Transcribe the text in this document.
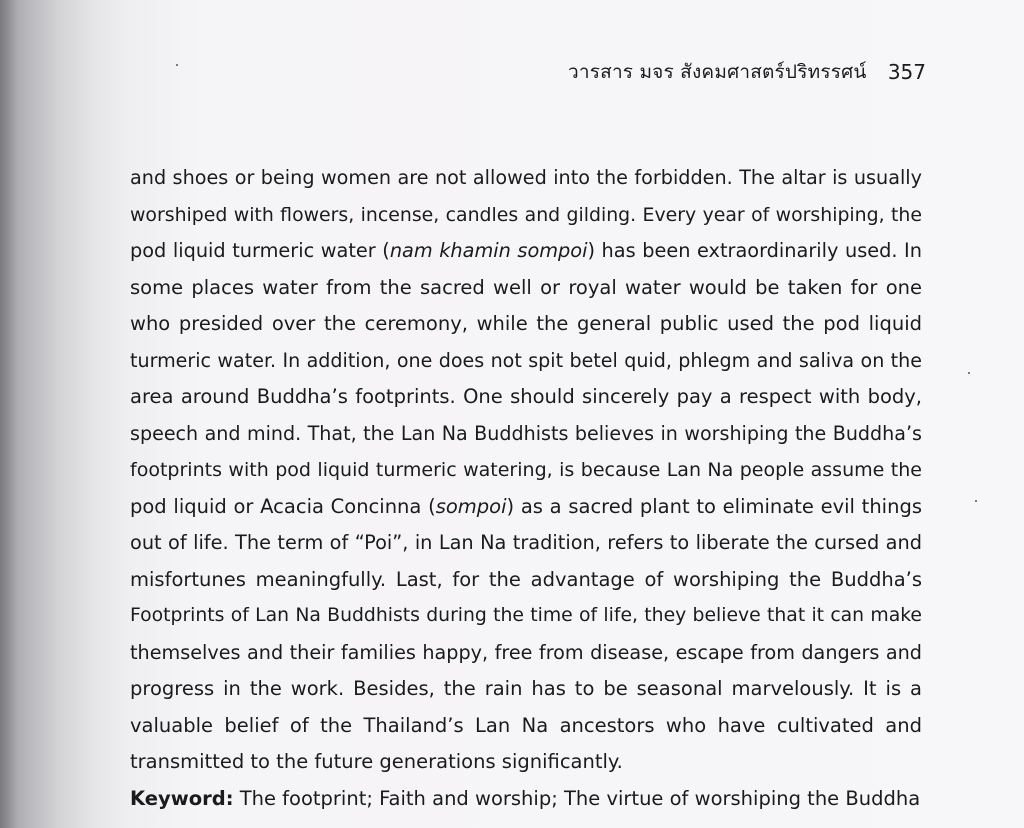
วารสาร มจร สังคมศาสตร์ปริทรรศน์ 357
and shoes or being women are not allowed into the forbidden. The altar is usually
worshiped with flowers, incense, candles and gilding. Every year of worshiping, the
pod liquid turmeric water (nam khamin sompoi) has been extraordinarily used. In
some places water from the sacred well or royal water would be taken for one
who presided over the ceremony, while the general public used the pod liquid
turmeric water. In addition, one does not spit betel quid, phlegm and saliva on the
area around Buddha’s footprints. One should sincerely pay a respect with body,
speech and mind. That, the Lan Na Buddhists believes in worshiping the Buddha’s
footprints with pod liquid turmeric watering, is because Lan Na people assume the
pod liquid or Acacia Concinna (sompoi) as a sacred plant to eliminate evil things
out of life. The term of “Poi”, in Lan Na tradition, refers to liberate the cursed and
misfortunes meaningfully. Last, for the advantage of worshiping the Buddha’s
Footprints of Lan Na Buddhists during the time of life, they believe that it can make
themselves and their families happy, free from disease, escape from dangers and
progress in the work. Besides, the rain has to be seasonal marvelously. It is a
valuable belief of the Thailand’s Lan Na ancestors who have cultivated and
transmitted to the future generations significantly.
Keyword: The footprint; Faith and worship; The virtue of worshiping the Buddha
